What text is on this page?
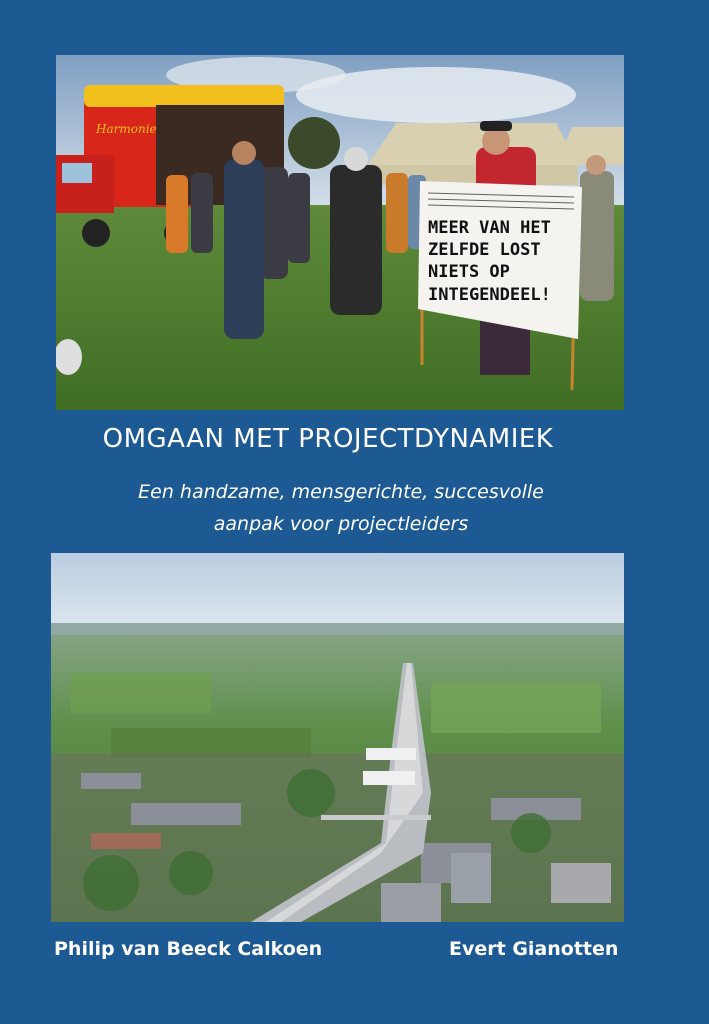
Harmonie
MEER VAN HET
ZELFDE LOST
NIETS OP
INTEGENDEEL!
OMGAAN MET PROJECTDYNAMIEK
Een handzame, mensgerichte, succesvolle
aanpak voor projectleiders
Philip van Beeck Calkoen	Evert Gianotten
